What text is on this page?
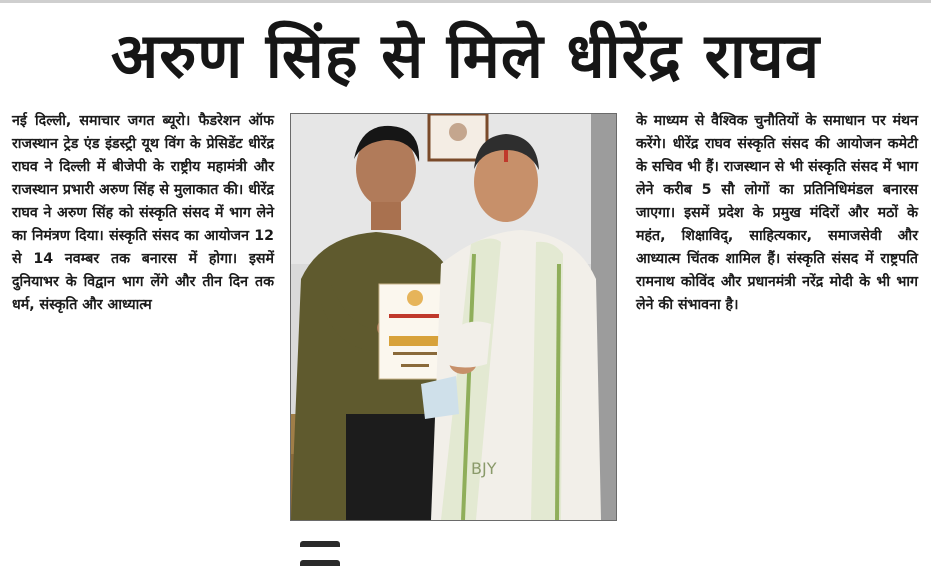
अरुण सिंह से मिले धीरेंद्र राघव

नई दिल्ली, समाचार जगत ब्यूरो। फैडरेशन ऑफ राजस्थान ट्रेड एंड इंडस्ट्री यूथ विंग के प्रेसिडेंट धीरेंद्र राघव ने दिल्ली में बीजेपी के राष्ट्रीय महामंत्री और राजस्थान प्रभारी अरुण सिंह से मुलाकात की। धीरेंद्र राघव ने अरुण सिंह को संस्कृति संसद में भाग लेने का निमंत्रण दिया। संस्कृति संसद का आयोजन 12 से 14 नवम्बर तक बनारस में होगा। इसमें दुनियाभर के विद्वान भाग लेंगे और तीन दिन तक धर्म, संस्कृति और आध्यात्म

BJY

के माध्यम से वैश्विक चुनौतियों के समाधान पर मंथन करेंगे। धीरेंद्र राघव संस्कृति संसद की आयोजन कमेटी के सचिव भी हैं। राजस्थान से भी संस्कृति संसद में भाग लेने करीब 5 सौ लोगों का प्रतिनिधिमंडल बनारस जाएगा। इसमें प्रदेश के प्रमुख मंदिरों और मठों के महंत, शिक्षाविद्, साहित्यकार, समाजसेवी और आध्यात्म चिंतक शामिल हैं। संस्कृति संसद में राष्ट्रपति रामनाथ कोविंद और प्रधानमंत्री नरेंद्र मोदी के भी भाग लेने की संभावना है।
